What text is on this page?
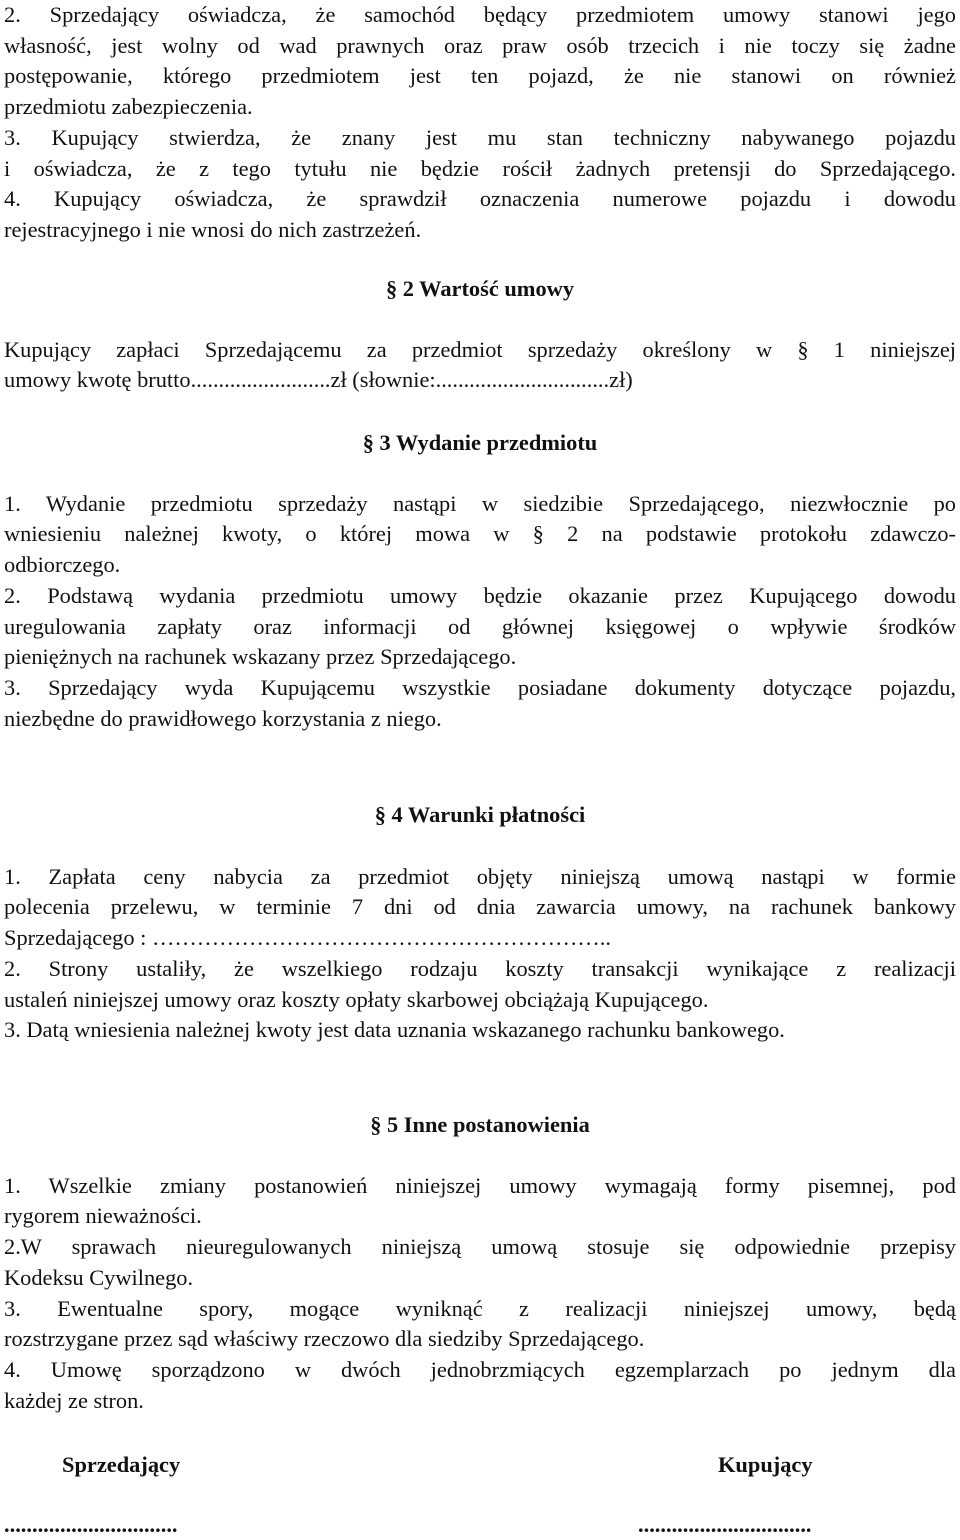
2. Sprzedający oświadcza, że samochód będący przedmiotem umowy stanowi jego
własność, jest wolny od wad prawnych oraz praw osób trzecich i nie toczy się żadne
postępowanie, którego przedmiotem jest ten pojazd, że nie stanowi on również
przedmiotu zabezpieczenia.
3. Kupujący stwierdza, że znany jest mu stan techniczny nabywanego pojazdu
i oświadcza, że z tego tytułu nie będzie rościł żadnych pretensji do Sprzedającego.
4. Kupujący oświadcza, że sprawdził oznaczenia numerowe pojazdu i dowodu
rejestracyjnego i nie wnosi do nich zastrzeżeń.

§ 2 Wartość umowy

Kupujący zapłaci Sprzedającemu za przedmiot sprzedaży określony w § 1 niniejszej
umowy kwotę brutto.........................zł (słownie:...............................zł)

§ 3 Wydanie przedmiotu

1. Wydanie przedmiotu sprzedaży nastąpi w siedzibie Sprzedającego, niezwłocznie po
wniesieniu należnej kwoty, o której mowa w § 2 na podstawie protokołu zdawczo-
odbiorczego.
2. Podstawą wydania przedmiotu umowy będzie okazanie przez Kupującego dowodu
uregulowania zapłaty oraz informacji od głównej księgowej o wpływie środków
pieniężnych na rachunek wskazany przez Sprzedającego.
3. Sprzedający wyda Kupującemu wszystkie posiadane dokumenty dotyczące pojazdu,
niezbędne do prawidłowego korzystania z niego.

§ 4 Warunki płatności

1. Zapłata ceny nabycia za przedmiot objęty niniejszą umową nastąpi w formie
polecenia przelewu, w terminie 7 dni od dnia zawarcia umowy, na rachunek bankowy
Sprzedającego : ……………………………………………………..
2. Strony ustaliły, że wszelkiego rodzaju koszty transakcji wynikające z realizacji
ustaleń niniejszej umowy oraz koszty opłaty skarbowej obciążają Kupującego.
3. Datą wniesienia należnej kwoty jest data uznania wskazanego rachunku bankowego.

§ 5 Inne postanowienia

1. Wszelkie zmiany postanowień niniejszej umowy wymagają formy pisemnej, pod
rygorem nieważności.
2.W sprawach nieuregulowanych niniejszą umową stosuje się odpowiednie przepisy
Kodeksu Cywilnego.
3. Ewentualne spory, mogące wyniknąć z realizacji niniejszej umowy, będą
rozstrzygane przez sąd właściwy rzeczowo dla siedziby Sprzedającego.
4. Umowę sporządzono w dwóch jednobrzmiących egzemplarzach po jednym dla
każdej ze stron.

Sprzedający	Kupujący
...............................	...............................
